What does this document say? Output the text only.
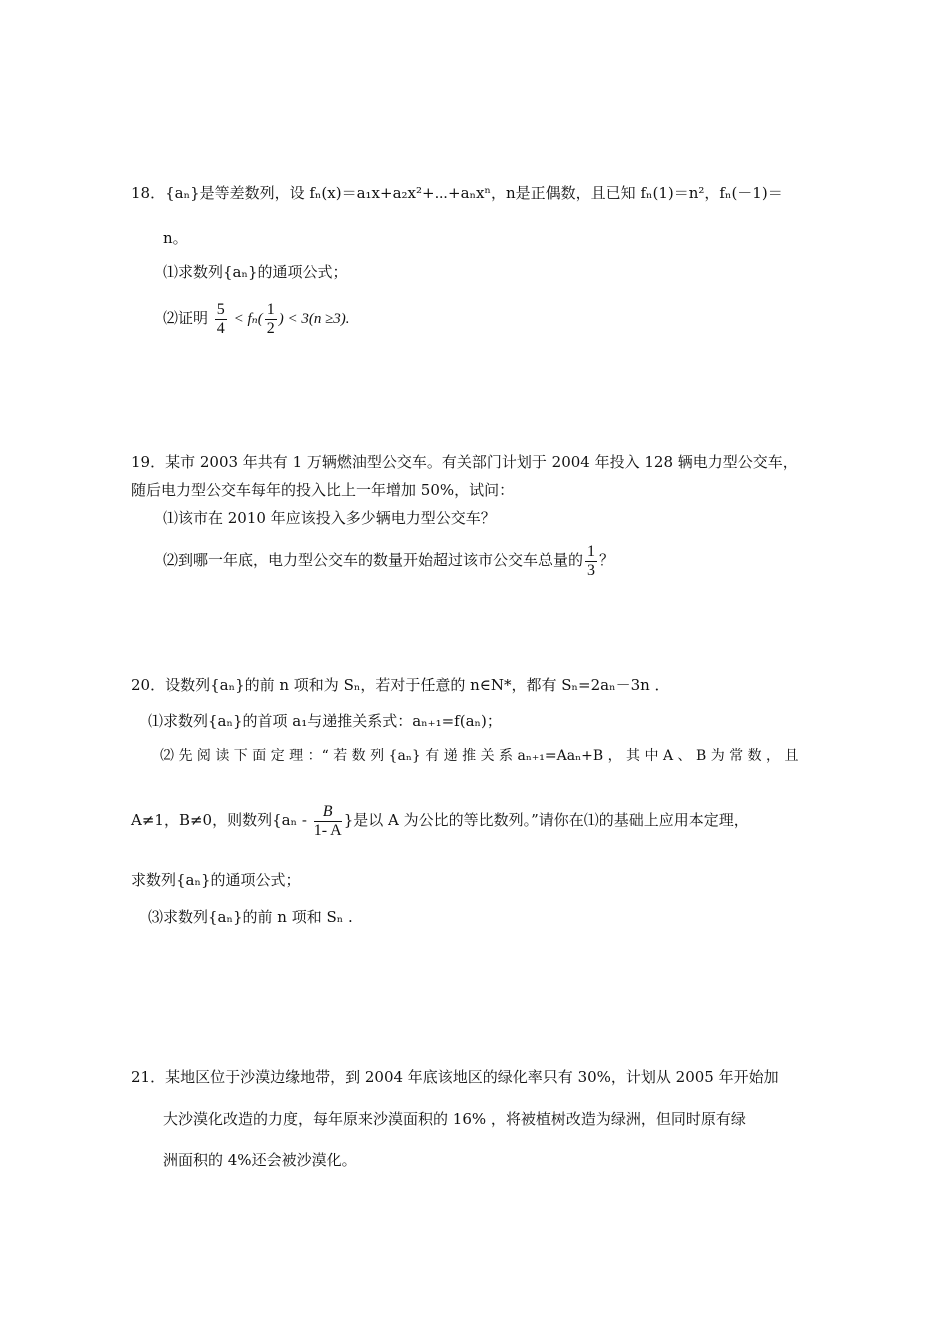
18．{aₙ}是等差数列，设 fₙ(x)＝a₁x+a₂x²+⋯+aₙxⁿ，n是正偶数，且已知 fₙ(1)＝n²，fₙ(－1)＝
n。
⑴求数列{aₙ}的通项公式；
⑵证明 $\frac{5}{4} < f_n( \frac{1}{2}$ ) < 3(n ≥3).
19．某市 2003 年共有 1 万辆燃油型公交车。有关部门计划于 2004 年投入 128 辆电力型公交车，
随后电力型公交车每年的投入比上一年增加 50%，试问：
⑴该市在 2010 年应该投入多少辆电力型公交车？
⑵到哪一年底，电力型公交车的数量开始超过该市公交车总量的 $\frac{1}{3}$ ？
20．设数列{aₙ}的前 n 项和为 Sₙ，若对于任意的 n∈N*，都有 Sₙ=2aₙ－3n ．
⑴求数列{aₙ}的首项 a₁与递推关系式：aₙ₊₁=f(aₙ)；
⑵ 先 阅 读 下 面 定 理 ：“ 若 数 列 {aₙ} 有 递 推 关 系 aₙ₊₁=Aaₙ+B ， 其 中 A 、 B 为 常 数 ， 且
A≠1，B≠0，则数列{$a_n - \frac{B}{1- A}$ }是以 A 为公比的等比数列。”请你在⑴的基础上应用本定理，
求数列{aₙ}的通项公式；
⑶求数列{aₙ}的前 n 项和 Sₙ .
21．某地区位于沙漠边缘地带，到 2004 年底该地区的绿化率只有 30%，计划从 2005 年开始加
大沙漠化改造的力度，每年原来沙漠面积的 16% ，将被植树改造为绿洲，但同时原有绿
洲面积的 4%还会被沙漠化。
